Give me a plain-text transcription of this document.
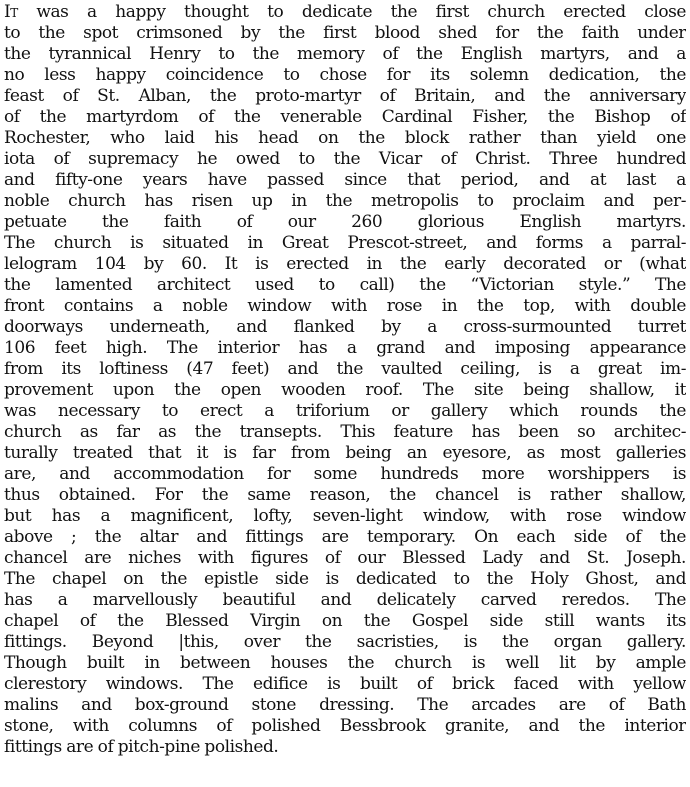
It was a happy thought to dedicate the first church erected close
to the spot crimsoned by the first blood shed for the faith under
the tyrannical Henry to the memory of the English martyrs, and a
no less happy coincidence to chose for its solemn dedication, the
feast of St. Alban, the proto-martyr of Britain, and the anniversary
of the martyrdom of the venerable Cardinal Fisher, the Bishop of
Rochester, who laid his head on the block rather than yield one
iota of supremacy he owed to the Vicar of Christ. Three hundred
and fifty-one years have passed since that period, and at last a
noble church has risen up in the metropolis to proclaim and per-
petuate the faith of our 260 glorious English martyrs.
The church is situated in Great Prescot-street, and forms a parral-
lelogram 104 by 60. It is erected in the early decorated or (what
the lamented architect used to call) the “Victorian style.” The
front contains a noble window with rose in the top, with double
doorways underneath, and flanked by a cross-surmounted turret
106 feet high. The interior has a grand and imposing appearance
from its loftiness (47 feet) and the vaulted ceiling, is a great im-
provement upon the open wooden roof. The site being shallow, it
was necessary to erect a triforium or gallery which rounds the
church as far as the transepts. This feature has been so architec-
turally treated that it is far from being an eyesore, as most galleries
are, and accommodation for some hundreds more worshippers is
thus obtained. For the same reason, the chancel is rather shallow,
but has a magnificent, lofty, seven-light window, with rose window
above ; the altar and fittings are temporary. On each side of the
chancel are niches with figures of our Blessed Lady and St. Joseph.
The chapel on the epistle side is dedicated to the Holy Ghost, and
has a marvellously beautiful and delicately carved reredos. The
chapel of the Blessed Virgin on the Gospel side still wants its
fittings. Beyond |this, over the sacristies, is the organ gallery.
Though built in between houses the church is well lit by ample
clerestory windows. The edifice is built of brick faced with yellow
malins and box-ground stone dressing. The arcades are of Bath
stone, with columns of polished Bessbrook granite, and the interior
fittings are of pitch-pine polished.
